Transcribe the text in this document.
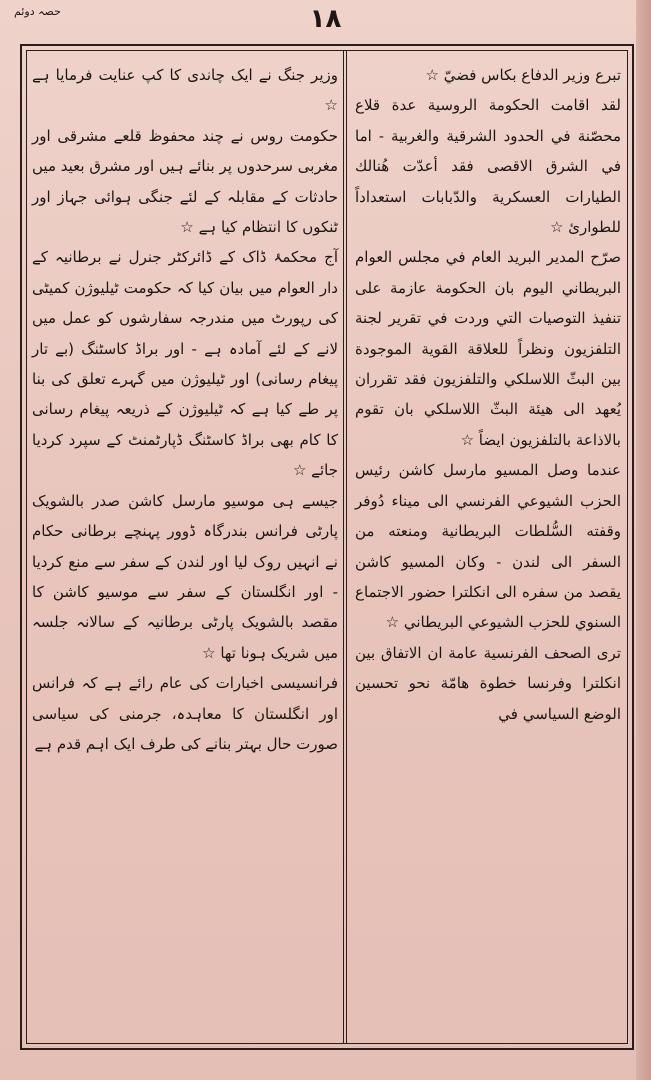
١٨
حصہ دوئم

تبرع وزير الدفاع بكاس فضيّ ☆

لقد اقامت الحكومة الروسية عدة قلاع محصّنة في الحدود الشرقية والغربية - اما في الشرق الاقصى فقد أعدّت هُنالك الطيارات العسكرية والدّبابات استعداداً للطوارئ ☆

صرّح المدير البريد العام في مجلس العوام البريطاني اليوم بان الحكومة عازمة على تنفيذ التوصيات التي وردت في تقرير لجنة التلفزيون ونظراً للعلاقة القوية الموجودة بين البثّ اللاسلكي والتلفزيون فقد تقرران يُعهد الى هيئة البثّ اللاسلكي بان تقوم بالاذاعة بالتلفزيون ايضاً ☆

عندما وصل المسيو مارسل كاشن رئيس الحزب الشيوعي الفرنسي الى ميناء دُوفر وقفته السُّلطات البريطانية ومنعته من السفر الى لندن - وكان المسيو كاشن يقصد من سفره الى انكلترا حضور الاجتماع السنوي للحزب الشيوعي البريطاني ☆

ترى الصحف الفرنسية عامة ان الاتفاق بين انكلترا وفرنسا خطوة هامّة نحو تحسين الوضع السياسي في

وزیر جنگ نے ایک چاندی کا کپ عنایت فرمایا ہے ☆

حکومت روس نے چند محفوظ قلعے مشرقی اور مغربی سرحدوں پر بنائے ہیں اور مشرق بعید میں حادثات کے مقابلہ کے لئے جنگی ہوائی جہاز اور ٹنکوں کا انتظام کیا ہے ☆

آج محکمۂ ڈاک کے ڈائرکٹر جنرل نے برطانیہ کے دار العوام میں بیان کیا کہ حکومت ٹیلیوژن کمیٹی کی رپورٹ میں مندرجہ سفارشوں کو عمل میں لانے کے لئے آمادہ ہے - اور براڈ کاسٹنگ (بے تار پیغام رسانی) اور ٹیلیوژن میں گہرے تعلق کی بنا پر طے کیا ہے کہ ٹیلیوژن کے ذریعہ پیغام رسانی کا کام بھی براڈ کاسٹنگ ڈپارٹمنٹ کے سپرد کردیا جائے ☆

جیسے ہی موسیو مارسل کاشن صدر بالشویک پارٹی فرانس بندرگاہ ڈوور پہنچے برطانی حکام نے انہیں روک لیا اور لندن کے سفر سے منع کردیا - اور انگلستان کے سفر سے موسیو کاشن کا مقصد بالشویک پارٹی برطانیہ کے سالانہ جلسہ میں شریک ہونا تھا ☆

فرانسیسی اخبارات کی عام رائے ہے کہ فرانس اور انگلستان کا معاہدہ، جرمنی کی سیاسی صورت حال بہتر بنانے کی طرف ایک اہم قدم ہے
